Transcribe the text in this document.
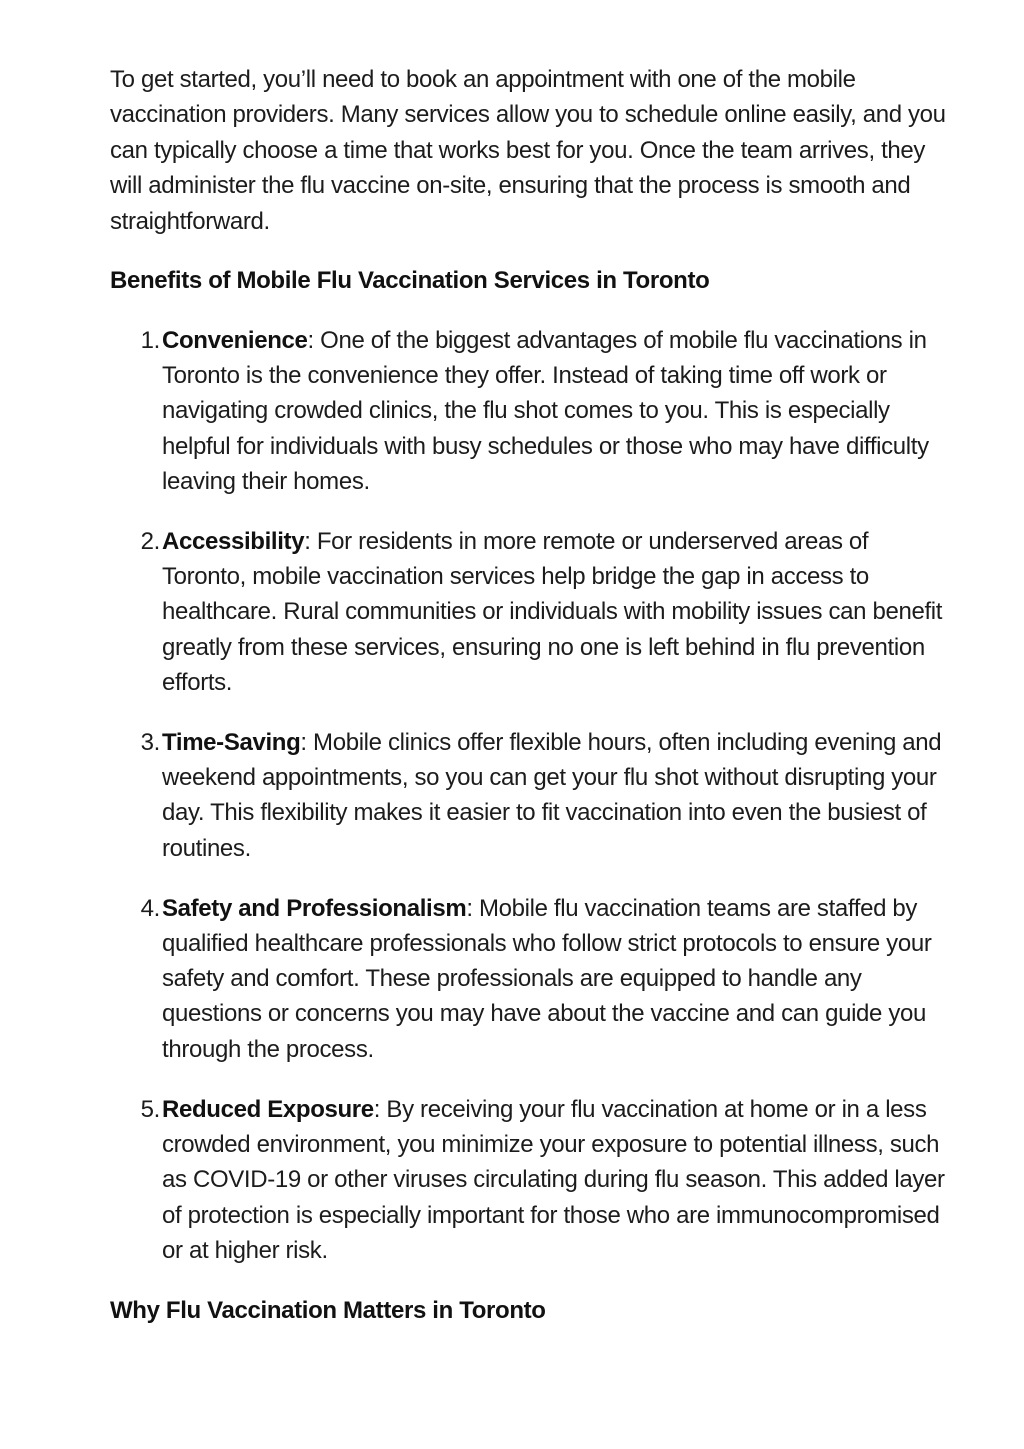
To get started, you’ll need to book an appointment with one of the mobile vaccination providers. Many services allow you to schedule online easily, and you can typically choose a time that works best for you. Once the team arrives, they will administer the flu vaccine on-site, ensuring that the process is smooth and straightforward.

Benefits of Mobile Flu Vaccination Services in Toronto
1. Convenience: One of the biggest advantages of mobile flu vaccinations in Toronto is the convenience they offer. Instead of taking time off work or navigating crowded clinics, the flu shot comes to you. This is especially helpful for individuals with busy schedules or those who may have difficulty leaving their homes.
2. Accessibility: For residents in more remote or underserved areas of Toronto, mobile vaccination services help bridge the gap in access to healthcare. Rural communities or individuals with mobility issues can benefit greatly from these services, ensuring no one is left behind in flu prevention efforts.
3. Time-Saving: Mobile clinics offer flexible hours, often including evening and weekend appointments, so you can get your flu shot without disrupting your day. This flexibility makes it easier to fit vaccination into even the busiest of routines.
4. Safety and Professionalism: Mobile flu vaccination teams are staffed by qualified healthcare professionals who follow strict protocols to ensure your safety and comfort. These professionals are equipped to handle any questions or concerns you may have about the vaccine and can guide you through the process.
5. Reduced Exposure: By receiving your flu vaccination at home or in a less crowded environment, you minimize your exposure to potential illness, such as COVID-19 or other viruses circulating during flu season. This added layer of protection is especially important for those who are immunocompromised or at higher risk.
Why Flu Vaccination Matters in Toronto
